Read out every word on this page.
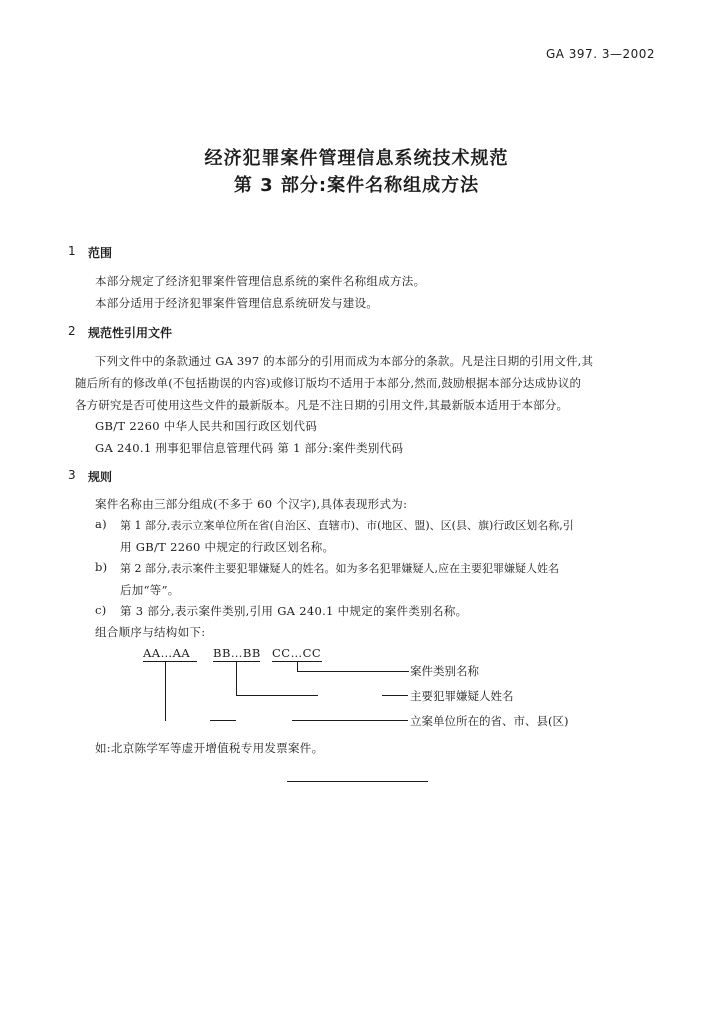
GA 397. 3—2002
经济犯罪案件管理信息系统技术规范
第 3 部分:案件名称组成方法
1 范围
本部分规定了经济犯罪案件管理信息系统的案件名称组成方法。
本部分适用于经济犯罪案件管理信息系统研发与建设。
2 规范性引用文件
下列文件中的条款通过 GA 397 的本部分的引用而成为本部分的条款。凡是注日期的引用文件,其
随后所有的修改单(不包括勘误的内容)或修订版均不适用于本部分,然而,鼓励根据本部分达成协议的
各方研究是否可使用这些文件的最新版本。凡是不注日期的引用文件,其最新版本适用于本部分。
GB/T 2260 中华人民共和国行政区划代码
GA 240.1 刑事犯罪信息管理代码 第 1 部分:案件类别代码
3 规则
案件名称由三部分组成(不多于 60 个汉字),具体表现形式为:
a) 第 1 部分,表示立案单位所在省(自治区、直辖市)、市(地区、盟)、区(县、旗)行政区划名称,引
用 GB/T 2260 中规定的行政区划名称。
b) 第 2 部分,表示案件主要犯罪嫌疑人的姓名。如为多名犯罪嫌疑人,应在主要犯罪嫌疑人姓名
后加“等”。
c) 第 3 部分,表示案件类别,引用 GA 240.1 中规定的案件类别名称。
组合顺序与结构如下:
AA…AA BB…BB CC…CC
案件类别名称
主要犯罪嫌疑人姓名
立案单位所在的省、市、县(区)
如:北京陈学军等虚开增值税专用发票案件。
